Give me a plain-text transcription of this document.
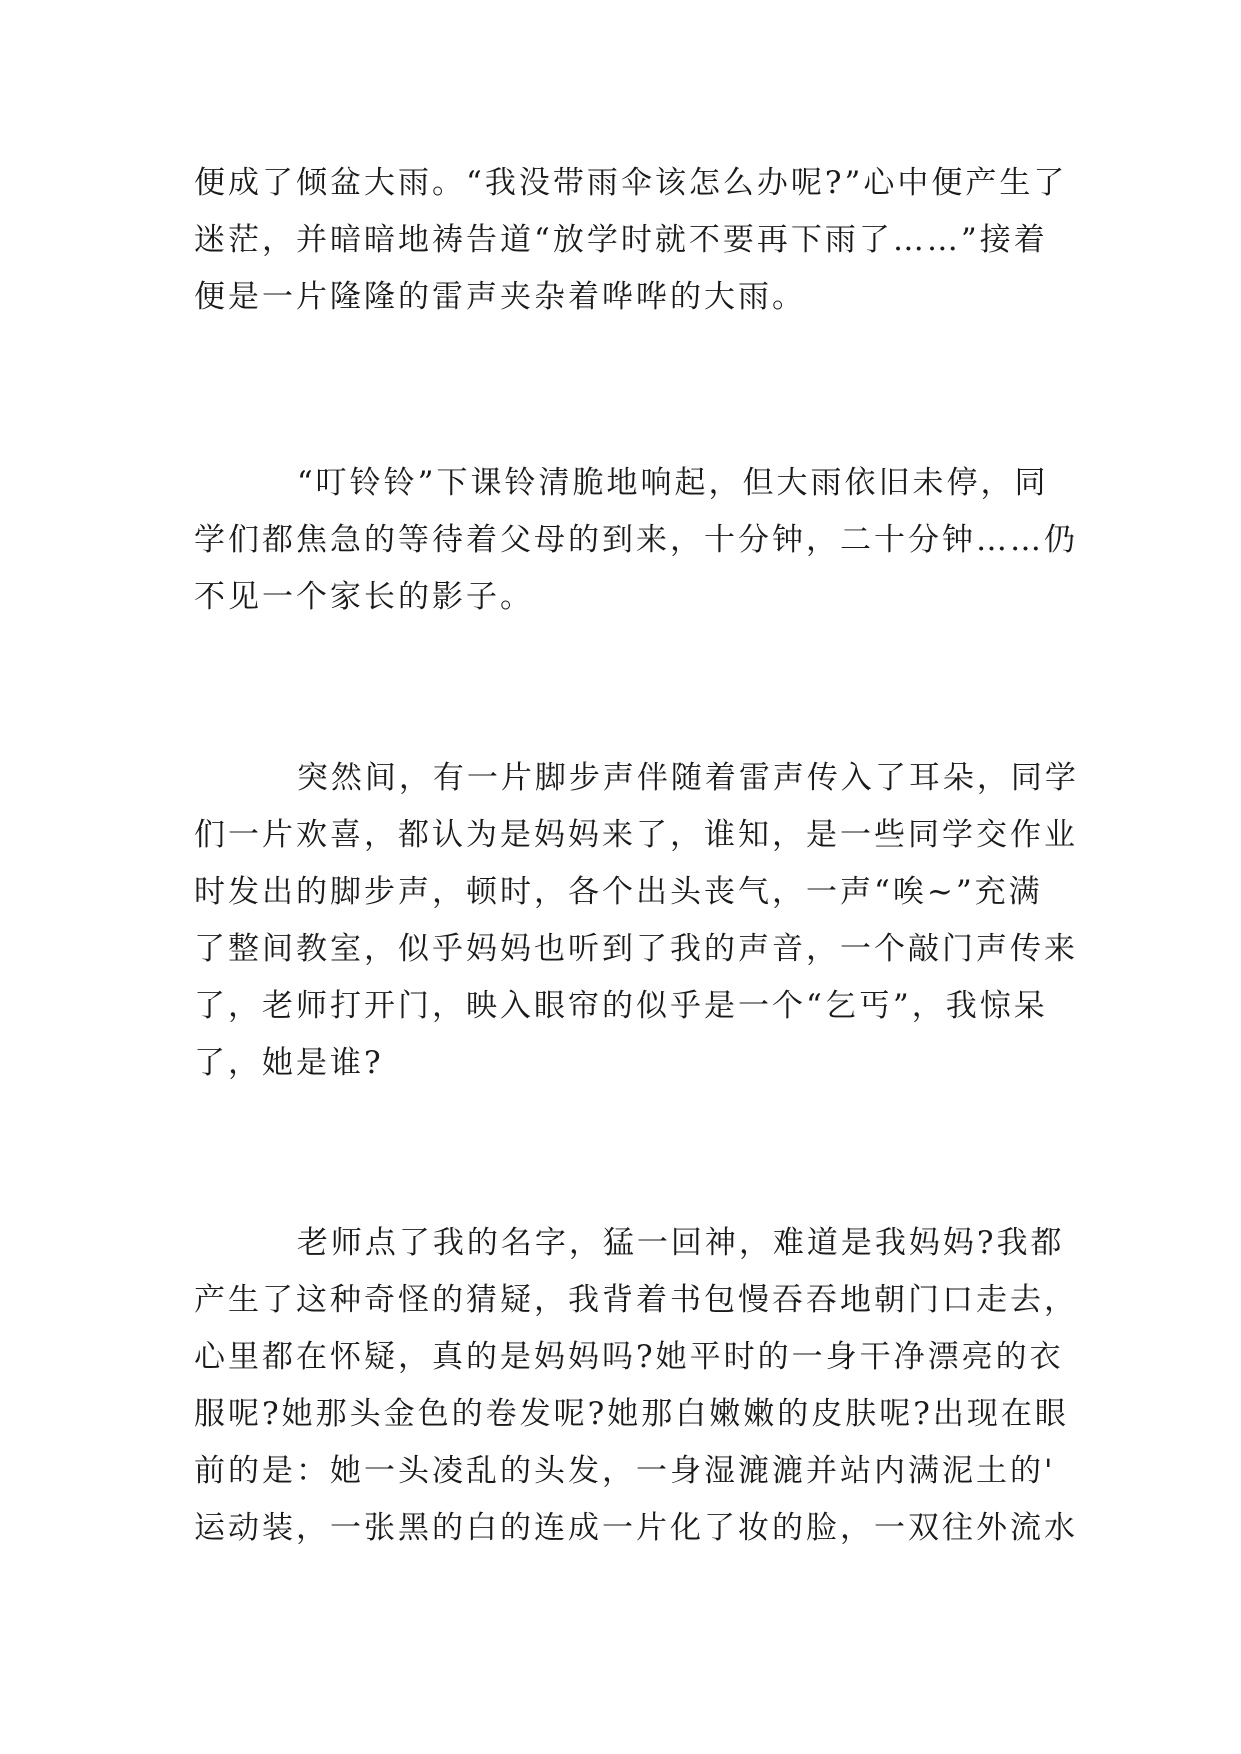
便成了倾盆大雨。“我没带雨伞该怎么办呢?”心中便产生了
迷茫，并暗暗地祷告道“放学时就不要再下雨了……”接着
便是一片隆隆的雷声夹杂着哗哗的大雨。

“叮铃铃”下课铃清脆地响起，但大雨依旧未停，同
学们都焦急的等待着父母的到来，十分钟，二十分钟……仍
不见一个家长的影子。

突然间，有一片脚步声伴随着雷声传入了耳朵，同学
们一片欢喜，都认为是妈妈来了，谁知，是一些同学交作业
时发出的脚步声，顿时，各个出头丧气，一声“唉~”充满
了整间教室，似乎妈妈也听到了我的声音，一个敲门声传来
了，老师打开门，映入眼帘的似乎是一个“乞丐”，我惊呆
了，她是谁?

老师点了我的名字，猛一回神，难道是我妈妈?我都
产生了这种奇怪的猜疑，我背着书包慢吞吞地朝门口走去，
心里都在怀疑，真的是妈妈吗?她平时的一身干净漂亮的衣
服呢?她那头金色的卷发呢?她那白嫩嫩的皮肤呢?出现在眼
前的是：她一头凌乱的头发，一身湿漉漉并站内满泥土的'
运动装，一张黑的白的连成一片化了妆的脸，一双往外流水
